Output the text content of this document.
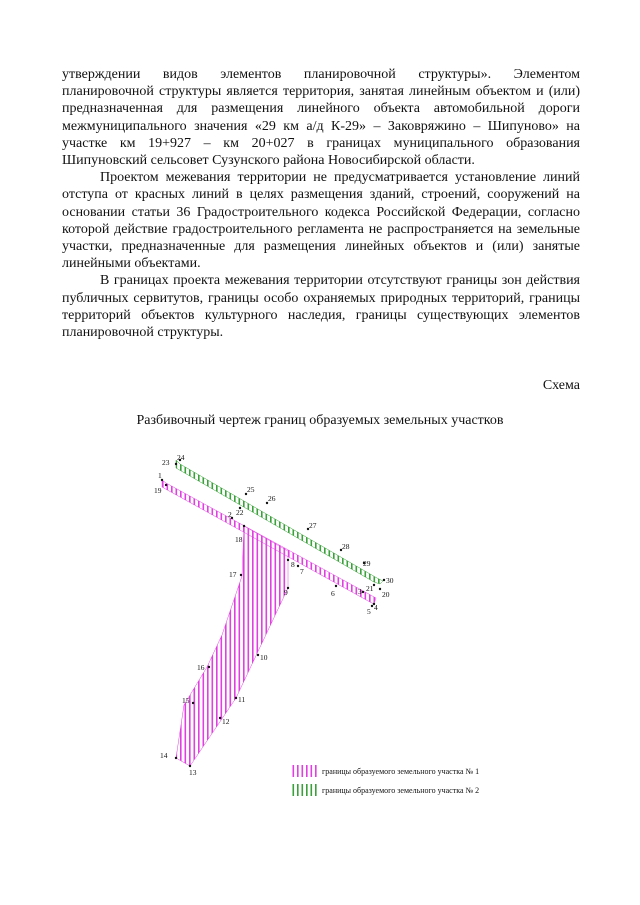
утверждении видов элементов планировочной структуры». Элементом планировочной структуры является территория, занятая линейным объектом и (или) предназначенная для размещения линейного объекта автомобильной дороги межмуниципального значения «29 км а/д К-29» – Заковряжино – Шипуново» на участке км 19+927 – км 20+027 в границах муниципального образования Шипуновский сельсовет Сузунского района Новосибирской области.

Проектом межевания территории не предусматривается установление линий отступа от красных линий в целях размещения зданий, строений, сооружений на основании статьи 36 Градостроительного кодекса Российской Федерации, согласно которой действие градостроительного регламента не распространяется на земельные участки, предназначенные для размещения линейных объектов и (или) занятые линейными объектами.

В границах проекта межевания территории отсутствуют границы зон действия публичных сервитутов, границы особо охраняемых природных территорий, границы территорий объектов культурного наследия, границы существующих элементов планировочной структуры.

Схема
Разбивочный чертеж границ образуемых земельных участков
1
2
3
4
5
6
7
8
9
10
11
12
13
14
15
16
17
18
19
20
21
22
23
24
25
26
27
28
29
30
границы образуемого земельного участка № 1
границы образуемого земельного участка № 2
